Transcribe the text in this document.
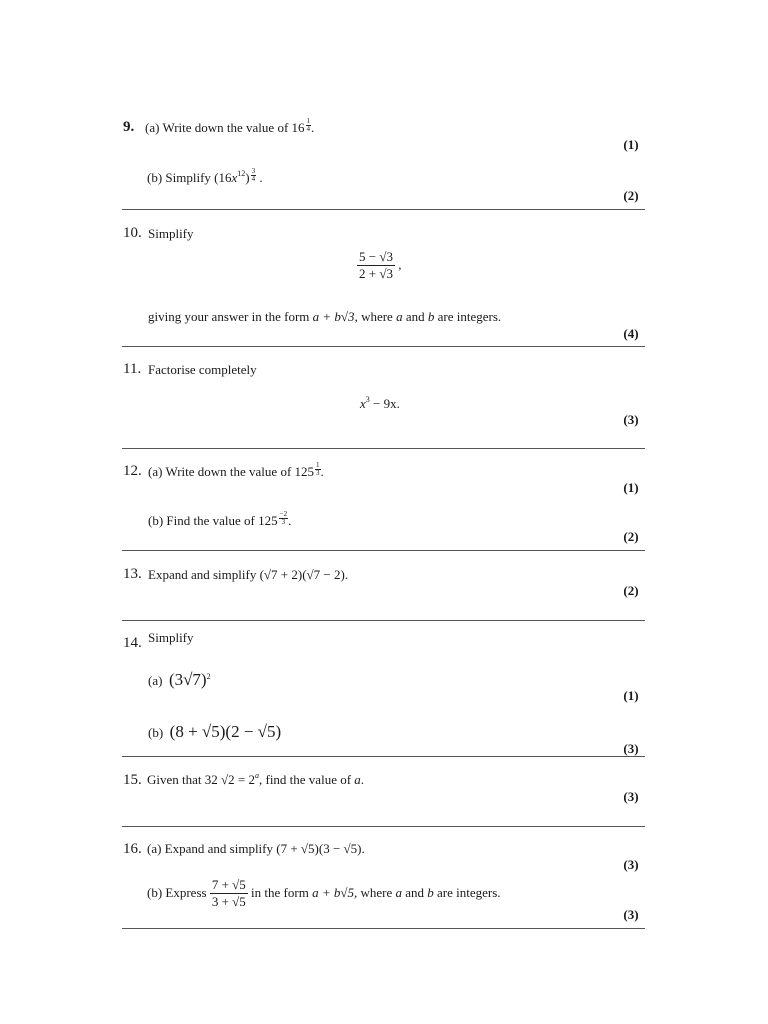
9. (a) Write down the value of $16 \frac{1}{4}$ .
(1)
(b) Simplify $(16x^{12}) \frac{3}{4}$ .
(2)
10. Simplify
$\frac{5 - √3}{2 + √3}$ ,
giving your answer in the form a + b√3, where a and b are integers.
(4)
11. Factorise completely
$x^3 - 9x$.
(3)
12. (a) Write down the value of $125 \frac{1}{3}$ .
(1)
(b) Find the value of $125 \frac{-2}{3}$ .
(2)
13. Expand and simplify (√7 + 2)(√7 − 2).
(2)
14. Simplify
(a) $(3√7)^2$
(1)
(b) (8 + √5)(2 − √5)
(3)
15. Given that 32 $√2 = 2^a$, find the value of a.
(3)
16. (a) Expand and simplify (7 + √5)(3 − √5).
(3)
(b) Express $\frac{7 + √5}{3 + √5}$ in the form a + b√5, where a and b are integers.
(3)
